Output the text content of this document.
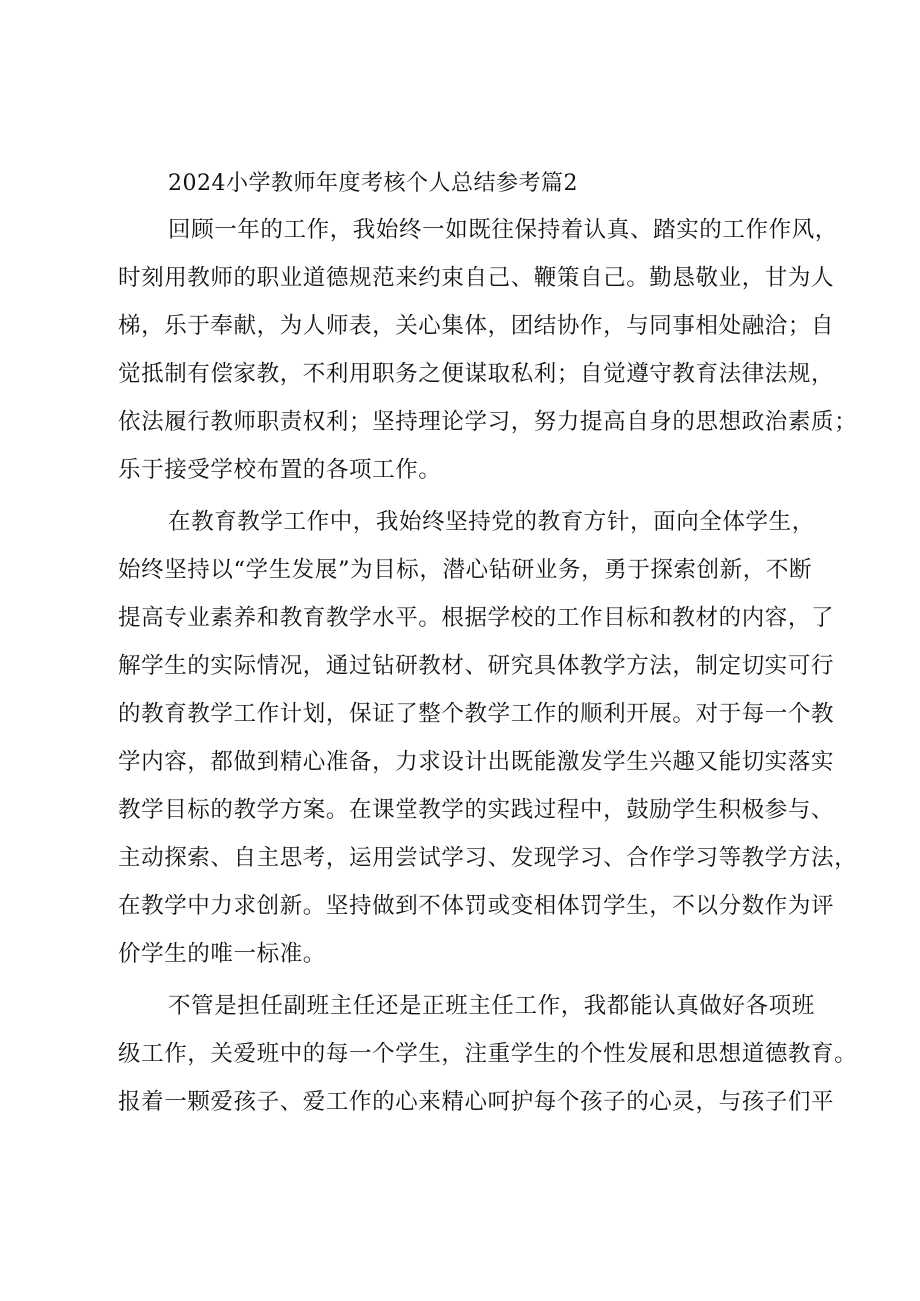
2024小学教师年度考核个人总结参考篇2
回顾一年的工作，我始终一如既往保持着认真、踏实的工作作风，
时刻用教师的职业道德规范来约束自己、鞭策自己。勤恳敬业，甘为人
梯，乐于奉献，为人师表，关心集体，团结协作，与同事相处融洽；自
觉抵制有偿家教，不利用职务之便谋取私利；自觉遵守教育法律法规，
依法履行教师职责权利；坚持理论学习，努力提高自身的思想政治素质；
乐于接受学校布置的各项工作。
在教育教学工作中，我始终坚持党的教育方针，面向全体学生，
始终坚持以“学生发展”为目标，潜心钻研业务，勇于探索创新，不断
提高专业素养和教育教学水平。根据学校的工作目标和教材的内容，了
解学生的实际情况，通过钻研教材、研究具体教学方法，制定切实可行
的教育教学工作计划，保证了整个教学工作的顺利开展。对于每一个教
学内容，都做到精心准备，力求设计出既能激发学生兴趣又能切实落实
教学目标的教学方案。在课堂教学的实践过程中，鼓励学生积极参与、
主动探索、自主思考，运用尝试学习、发现学习、合作学习等教学方法，
在教学中力求创新。坚持做到不体罚或变相体罚学生，不以分数作为评
价学生的唯一标准。
不管是担任副班主任还是正班主任工作，我都能认真做好各项班
级工作，关爱班中的每一个学生，注重学生的个性发展和思想道德教育。
报着一颗爱孩子、爱工作的心来精心呵护每个孩子的心灵，与孩子们平
